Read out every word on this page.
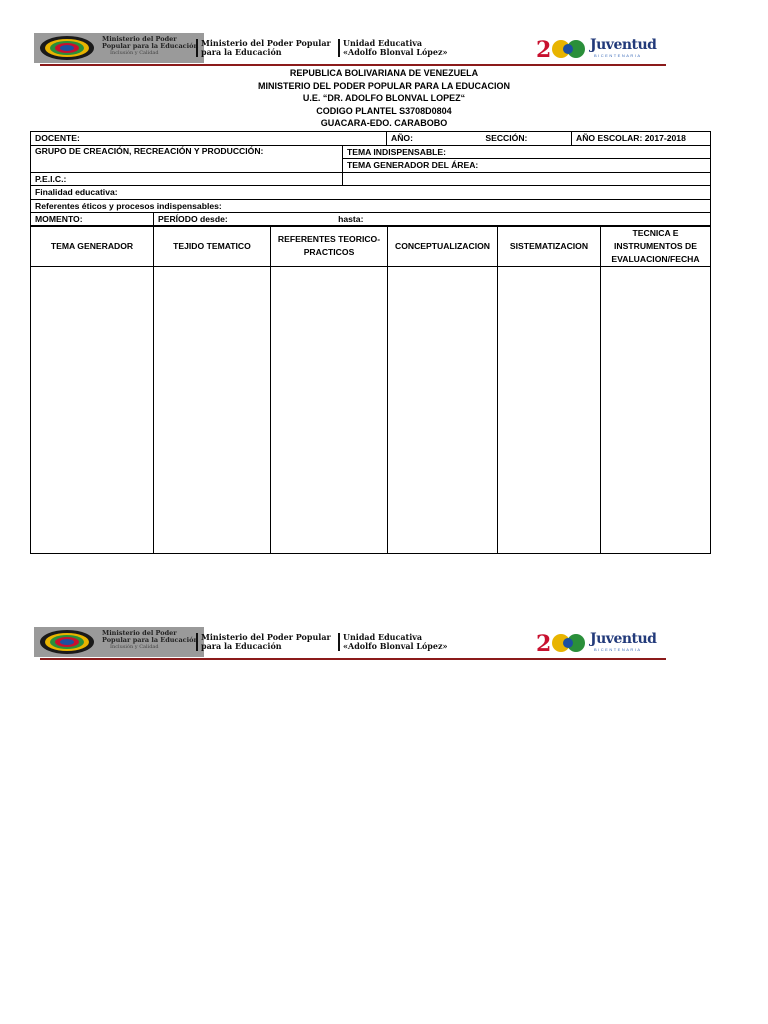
Ministerio del Poder Popular para la Educación
Inclusión y Calidad
Ministerio del Poder Popular
para la Educación
Unidad Educativa
«Adolfo Blonval López»	2	Juventud
BICENTENARIA
REPUBLICA BOLIVARIANA DE VENEZUELA
MINISTERIO DEL PODER POPULAR PARA LA EDUCACION
U.E. “DR. ADOLFO BLONVAL LOPEZ“
CODIGO PLANTEL S3708D0804
GUACARA-EDO. CARABOBO
DOCENTE:			AÑO: SECCIÓN:	AÑO ESCOLAR: 2017-2018
GRUPO DE CREACIÓN, RECREACIÓN Y PRODUCCIÓN:		TEMA INDISPENSABLE:		
		TEMA GENERADOR DEL ÁREA:		
P.E.I.C.:				
Finalidad educativa:				
Referentes éticos y procesos indispensables:				
MOMENTO:	PERÍODO desde: hasta:			
TEMA GENERADOR	TEJIDO TEMATICO	REFERENTES TEORICO-PRACTICOS	CONCEPTUALIZACION	SISTEMATIZACION	TECNICA E INSTRUMENTOS DE EVALUACION/FECHA

Ministerio del Poder Popular para la Educación
Inclusión y Calidad
Ministerio del Poder Popular
para la Educación
Unidad Educativa
«Adolfo Blonval López»	2	Juventud
BICENTENARIA
